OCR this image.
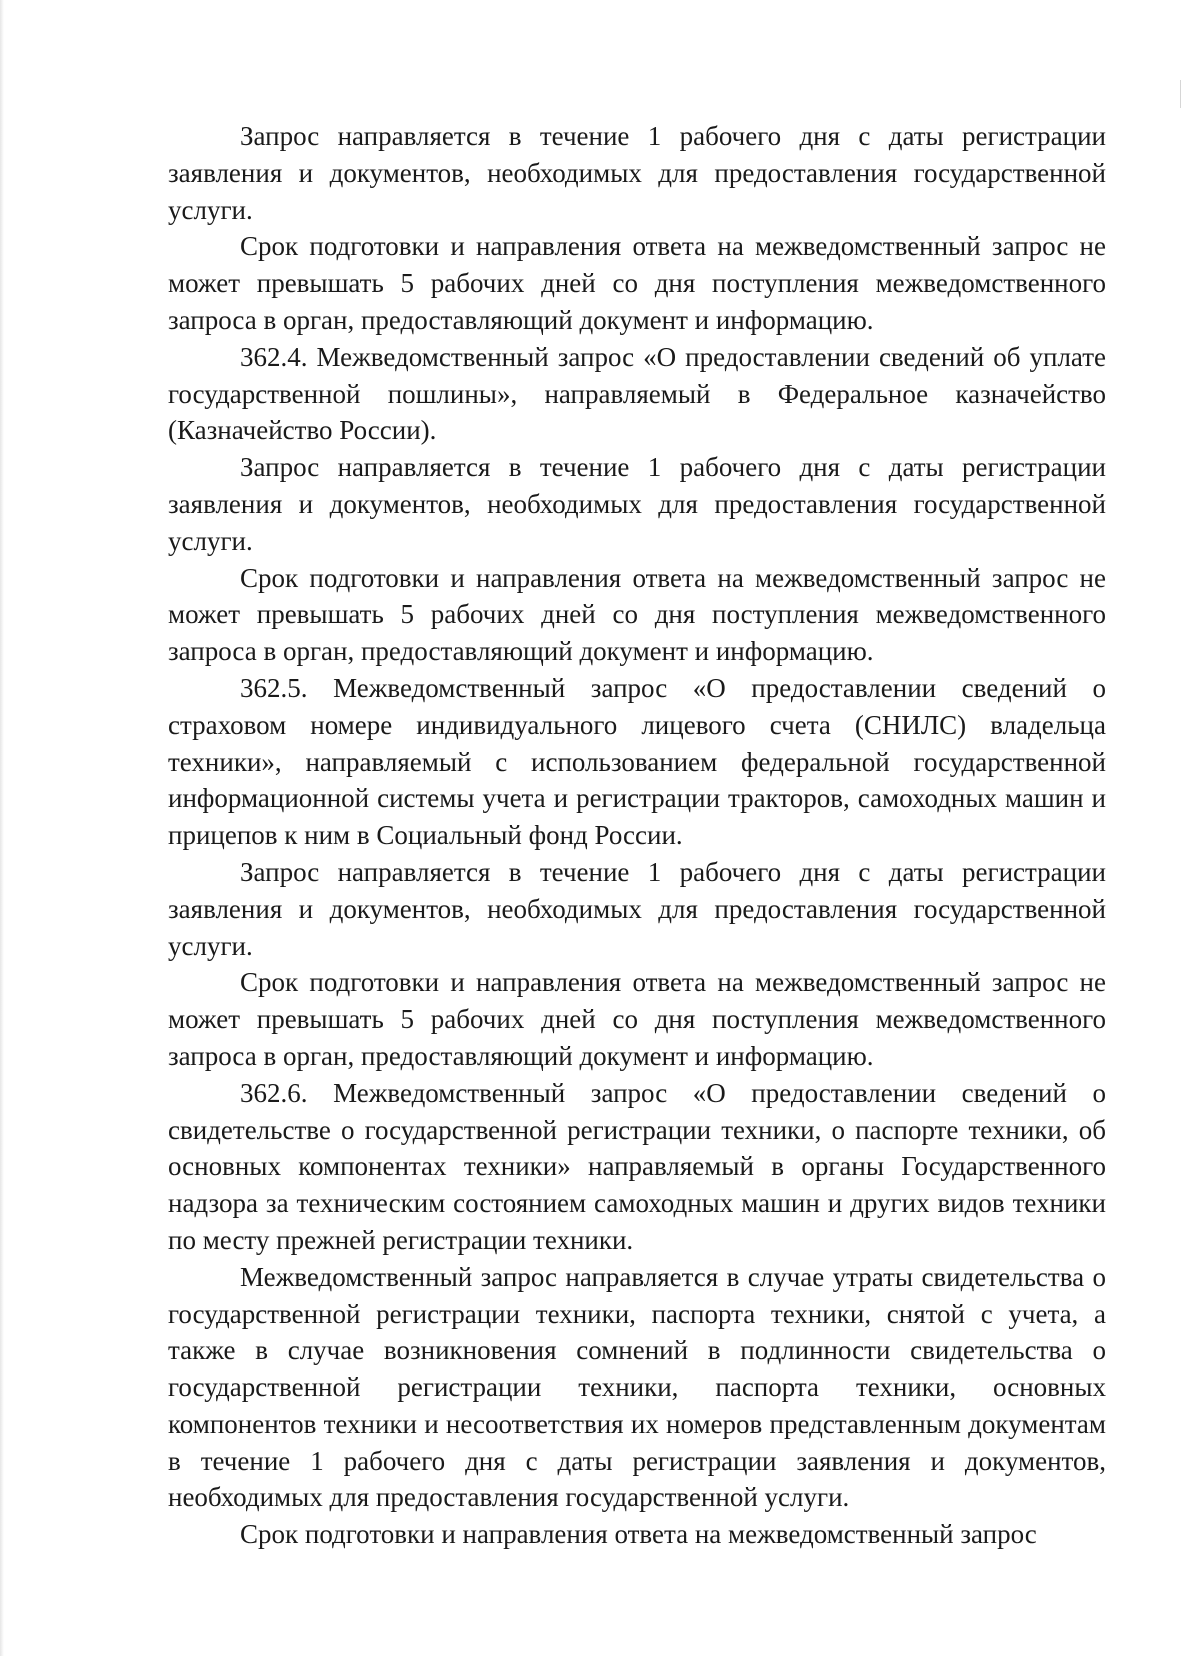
Запрос направляется в течение 1 рабочего дня с даты регистрации заявления и документов, необходимых для предоставления государственной услуги.

Срок подготовки и направления ответа на межведомственный запрос не может превышать 5 рабочих дней со дня поступления межведомственного запроса в орган, предоставляющий документ и информацию.

362.4. Межведомственный запрос «О предоставлении сведений об уплате государственной пошлины», направляемый в Федеральное казначейство (Казначейство России).

Запрос направляется в течение 1 рабочего дня с даты регистрации заявления и документов, необходимых для предоставления государственной услуги.

Срок подготовки и направления ответа на межведомственный запрос не может превышать 5 рабочих дней со дня поступления межведомственного запроса в орган, предоставляющий документ и информацию.

362.5. Межведомственный запрос «О предоставлении сведений о страховом номере индивидуального лицевого счета (СНИЛС) владельца техники», направляемый с использованием федеральной государственной информационной системы учета и регистрации тракторов, самоходных машин и прицепов к ним в Социальный фонд России.

Запрос направляется в течение 1 рабочего дня с даты регистрации заявления и документов, необходимых для предоставления государственной услуги.

Срок подготовки и направления ответа на межведомственный запрос не может превышать 5 рабочих дней со дня поступления межведомственного запроса в орган, предоставляющий документ и информацию.

362.6. Межведомственный запрос «О предоставлении сведений о свидетельстве о государственной регистрации техники, о паспорте техники, об основных компонентах техники» направляемый в органы Государственного надзора за техническим состоянием самоходных машин и других видов техники по месту прежней регистрации техники.

Межведомственный запрос направляется в случае утраты свидетельства о государственной регистрации техники, паспорта техники, снятой с учета, а также в случае возникновения сомнений в подлинности свидетельства о государственной регистрации техники, паспорта техники, основных компонентов техники и несоответствия их номеров представленным документам в течение 1 рабочего дня с даты регистрации заявления и документов, необходимых для предоставления государственной услуги.

Срок подготовки и направления ответа на межведомственный запрос
